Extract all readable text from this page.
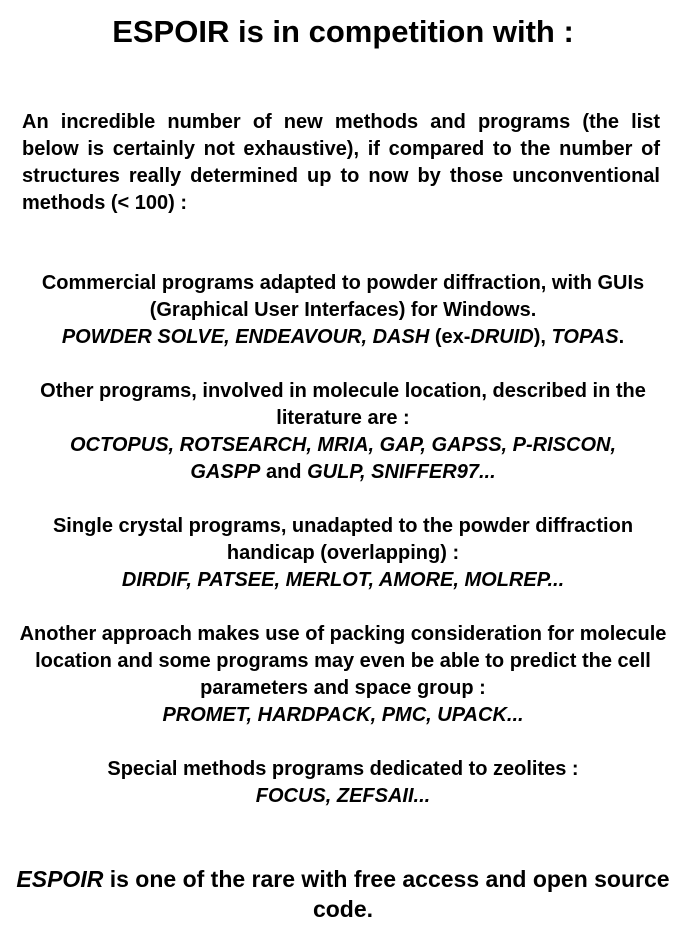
ESPOIR is in competition with :

An incredible number of new methods and programs (the list below is certainly not exhaustive), if compared to the number of structures really determined up to now by those unconventional methods (< 100) :

Commercial programs adapted to powder diffraction, with GUIs (Graphical User Interfaces) for Windows.
POWDER SOLVE, ENDEAVOUR, DASH (ex-DRUID), TOPAS.
Other programs, involved in molecule location, described in the literature are :
OCTOPUS, ROTSEARCH, MRIA, GAP, GAPSS, P-RISCON,
GASPP and GULP, SNIFFER97...
Single crystal programs, unadapted to the powder diffraction handicap (overlapping) :
DIRDIF, PATSEE, MERLOT, AMORE, MOLREP...
Another approach makes use of packing consideration for molecule location and some programs may even be able to predict the cell parameters and space group :
PROMET, HARDPACK, PMC, UPACK...
Special methods programs dedicated to zeolites :
FOCUS, ZEFSAII...

ESPOIR is one of the rare with free access and open source code.
